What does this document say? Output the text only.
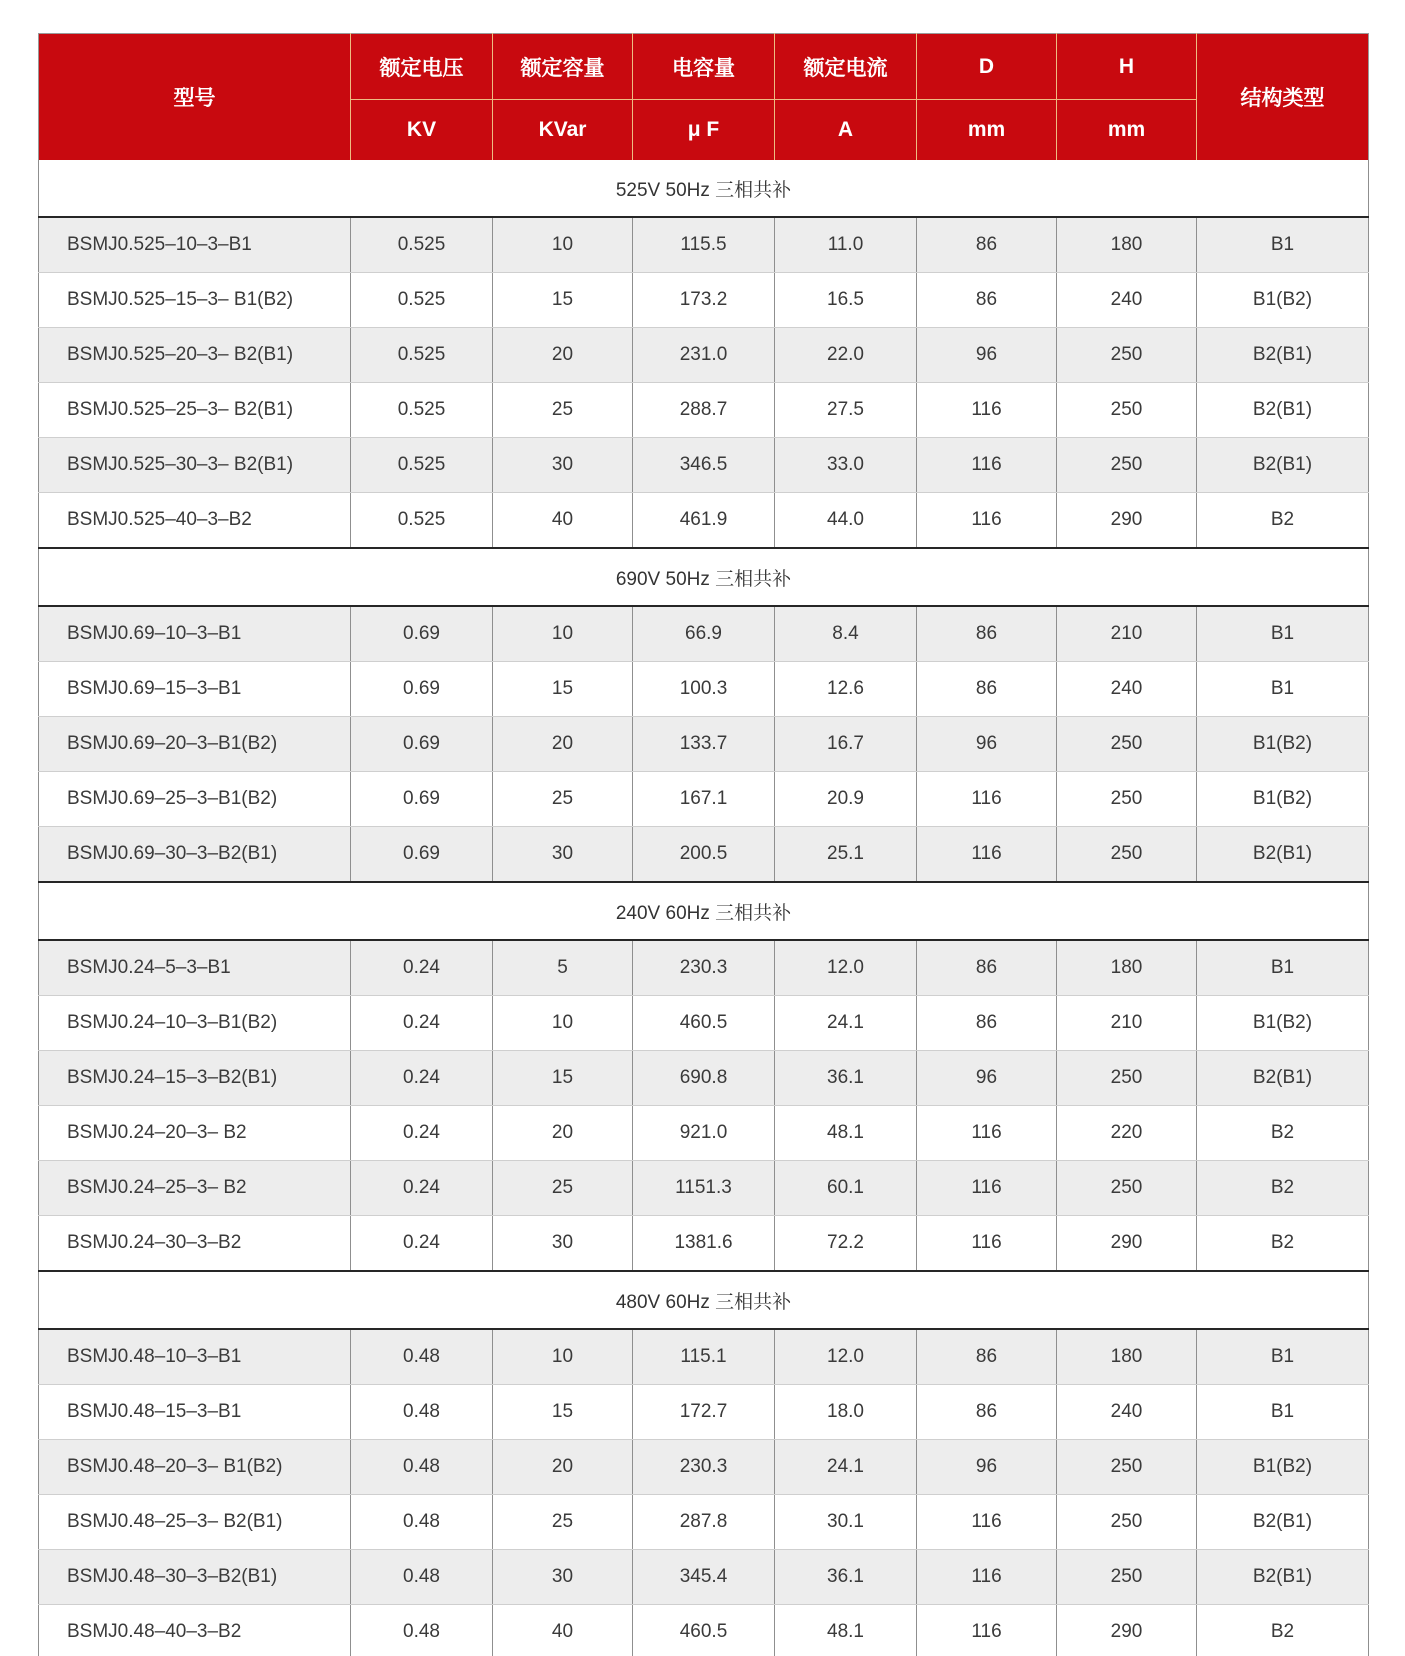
型号	额定电压	额定容量	电容量	额定电流	D	H	结构类型
	KV	KVar	μ F	A	mm	mm	
525V 50Hz 三相共补							
BSMJ0.525–10–3–B1	0.525	10	115.5	11.0	86	180	B1
BSMJ0.525–15–3– B1(B2)	0.525	15	173.2	16.5	86	240	B1(B2)
BSMJ0.525–20–3– B2(B1)	0.525	20	231.0	22.0	96	250	B2(B1)
BSMJ0.525–25–3– B2(B1)	0.525	25	288.7	27.5	116	250	B2(B1)
BSMJ0.525–30–3– B2(B1)	0.525	30	346.5	33.0	116	250	B2(B1)
BSMJ0.525–40–3–B2	0.525	40	461.9	44.0	116	290	B2
690V 50Hz 三相共补							
BSMJ0.69–10–3–B1	0.69	10	66.9	8.4	86	210	B1
BSMJ0.69–15–3–B1	0.69	15	100.3	12.6	86	240	B1
BSMJ0.69–20–3–B1(B2)	0.69	20	133.7	16.7	96	250	B1(B2)
BSMJ0.69–25–3–B1(B2)	0.69	25	167.1	20.9	116	250	B1(B2)
BSMJ0.69–30–3–B2(B1)	0.69	30	200.5	25.1	116	250	B2(B1)
240V 60Hz 三相共补							
BSMJ0.24–5–3–B1	0.24	5	230.3	12.0	86	180	B1
BSMJ0.24–10–3–B1(B2)	0.24	10	460.5	24.1	86	210	B1(B2)
BSMJ0.24–15–3–B2(B1)	0.24	15	690.8	36.1	96	250	B2(B1)
BSMJ0.24–20–3– B2	0.24	20	921.0	48.1	116	220	B2
BSMJ0.24–25–3– B2	0.24	25	1151.3	60.1	116	250	B2
BSMJ0.24–30–3–B2	0.24	30	1381.6	72.2	116	290	B2
480V 60Hz 三相共补							
BSMJ0.48–10–3–B1	0.48	10	115.1	12.0	86	180	B1
BSMJ0.48–15–3–B1	0.48	15	172.7	18.0	86	240	B1
BSMJ0.48–20–3– B1(B2)	0.48	20	230.3	24.1	96	250	B1(B2)
BSMJ0.48–25–3– B2(B1)	0.48	25	287.8	30.1	116	250	B2(B1)
BSMJ0.48–30–3–B2(B1)	0.48	30	345.4	36.1	116	250	B2(B1)
BSMJ0.48–40–3–B2	0.48	40	460.5	48.1	116	290	B2
